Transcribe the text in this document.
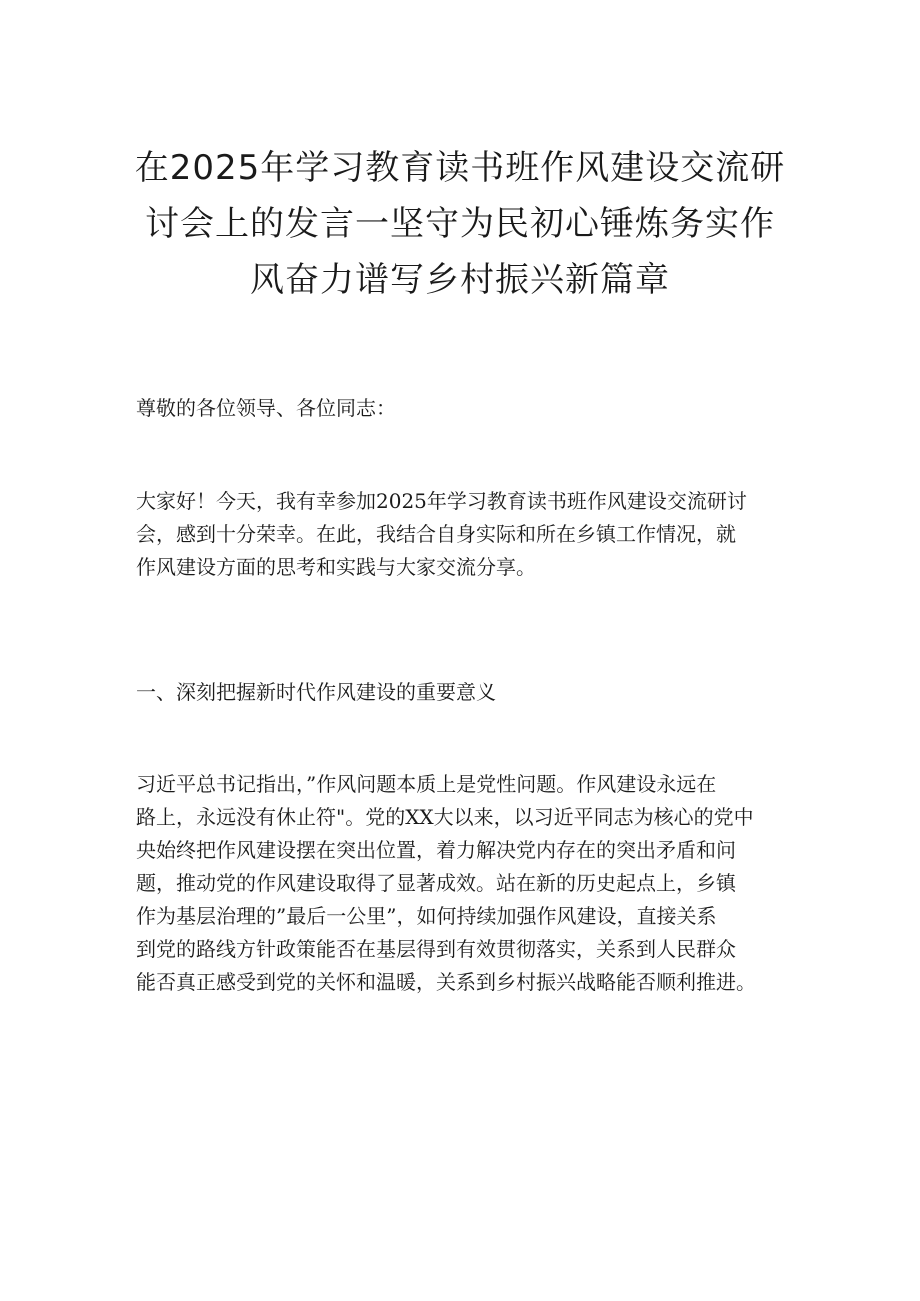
在2025年学习教育读书班作风建设交流研
讨会上的发言一坚守为民初心锤炼务实作
风奋力谱写乡村振兴新篇章
尊敬的各位领导、各位同志：
大家好！今天，我有幸参加2025年学习教育读书班作风建设交流研讨
会，感到十分荣幸。在此，我结合自身实际和所在乡镇工作情况，就
作风建设方面的思考和实践与大家交流分享。
一、深刻把握新时代作风建设的重要意义
习近平总书记指出，”作风问题本质上是党性问题。作风建设永远在
路上，永远没有休止符"。党的XX大以来，以习近平同志为核心的党中
央始终把作风建设摆在突出位置，着力解决党内存在的突出矛盾和问
题，推动党的作风建设取得了显著成效。站在新的历史起点上，乡镇
作为基层治理的”最后一公里”，如何持续加强作风建设，直接关系
到党的路线方针政策能否在基层得到有效贯彻落实，关系到人民群众
能否真正感受到党的关怀和温暖，关系到乡村振兴战略能否顺利推进。
